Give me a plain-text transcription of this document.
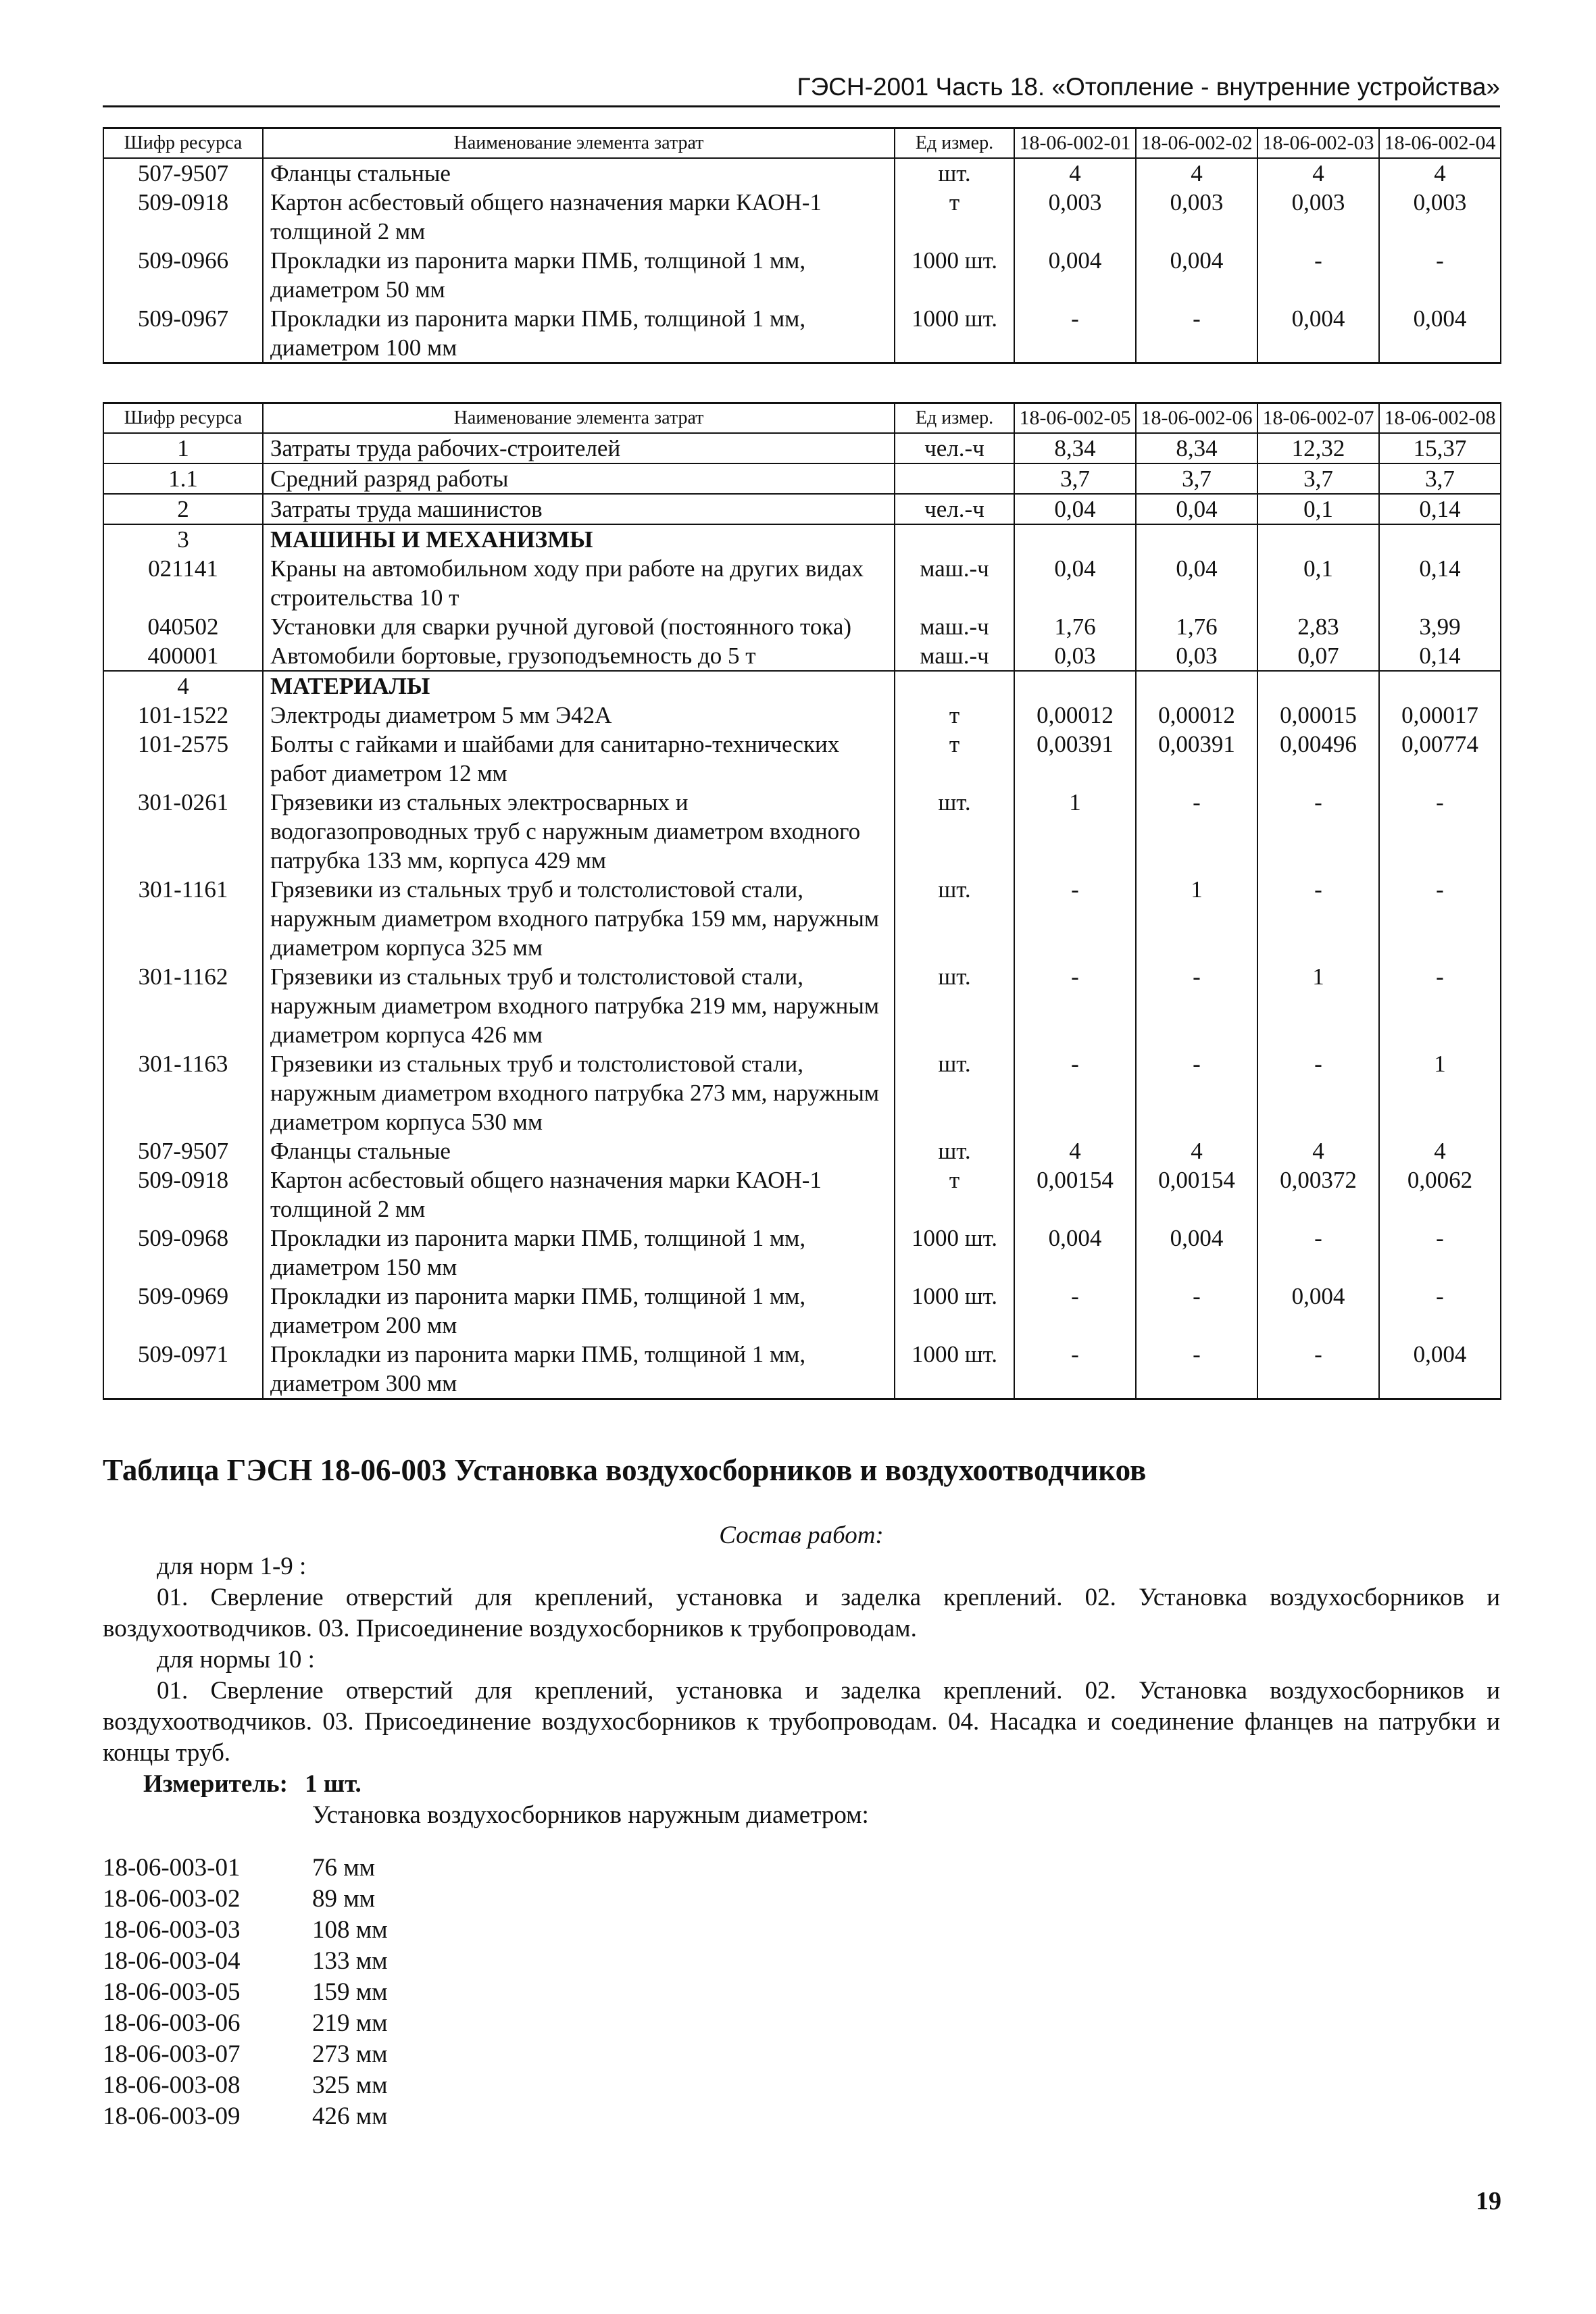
ГЭСН-2001 Часть 18. «Отопление - внутренние устройства»
Шифр ресурса	Наименование элемента затрат	Ед измер.	18-06-002-01	18-06-002-02	18-06-002-03	18-06-002-04
507-9507	Фланцы стальные	шт.	4	4	4	4
509-0918	Картон асбестовый общего назначения марки КАОН-1 толщиной 2 мм	т	0,003	0,003	0,003	0,003
509-0966	Прокладки из паронита марки ПМБ, толщиной 1 мм, диаметром 50 мм	1000 шт.	0,004	0,004	-	-
509-0967	Прокладки из паронита марки ПМБ, толщиной 1 мм, диаметром 100 мм	1000 шт.	-	-	0,004	0,004
Шифр ресурса	Наименование элемента затрат	Ед измер.	18-06-002-05	18-06-002-06	18-06-002-07	18-06-002-08
1	Затраты труда рабочих-строителей	чел.-ч	8,34	8,34	12,32	15,37
1.1	Средний разряд работы		3,7	3,7	3,7	3,7
2	Затраты труда машинистов	чел.-ч	0,04	0,04	0,1	0,14
3	МАШИНЫ И МЕХАНИЗМЫ					
021141	Краны на автомобильном ходу при работе на других видах строительства 10 т	маш.-ч	0,04	0,04	0,1	0,14
040502	Установки для сварки ручной дуговой (постоянного тока)	маш.-ч	1,76	1,76	2,83	3,99
400001	Автомобили бортовые, грузоподъемность до 5 т	маш.-ч	0,03	0,03	0,07	0,14
4	МАТЕРИАЛЫ					
101-1522	Электроды диаметром 5 мм Э42А	т	0,00012	0,00012	0,00015	0,00017
101-2575	Болты с гайками и шайбами для санитарно-технических работ диаметром 12 мм	т	0,00391	0,00391	0,00496	0,00774
301-0261	Грязевики из стальных электросварных и водогазопроводных труб с наружным диаметром входного патрубка 133 мм, корпуса 429 мм	шт.	1	-	-	-
301-1161	Грязевики из стальных труб и толстолистовой стали, наружным диаметром входного патрубка 159 мм, наружным диаметром корпуса 325 мм	шт.	-	1	-	-
301-1162	Грязевики из стальных труб и толстолистовой стали, наружным диаметром входного патрубка 219 мм, наружным диаметром корпуса 426 мм	шт.	-	-	1	-
301-1163	Грязевики из стальных труб и толстолистовой стали, наружным диаметром входного патрубка 273 мм, наружным диаметром корпуса 530 мм	шт.	-	-	-	1
507-9507	Фланцы стальные	шт.	4	4	4	4
509-0918	Картон асбестовый общего назначения марки КАОН-1 толщиной 2 мм	т	0,00154	0,00154	0,00372	0,0062
509-0968	Прокладки из паронита марки ПМБ, толщиной 1 мм, диаметром 150 мм	1000 шт.	0,004	0,004	-	-
509-0969	Прокладки из паронита марки ПМБ, толщиной 1 мм, диаметром 200 мм	1000 шт.	-	-	0,004	-
509-0971	Прокладки из паронита марки ПМБ, толщиной 1 мм, диаметром 300 мм	1000 шт.	-	-	-	0,004
Таблица ГЭСН 18-06-003 Установка воздухосборников и воздухоотводчиков
Состав работ:
для норм 1-9 :
01. Сверление отверстий для креплений, установка и заделка креплений. 02. Установка воздухосборников и воздухоотводчиков. 03. Присоединение воздухосборников к трубопроводам.
для нормы 10 :
01. Сверление отверстий для креплений, установка и заделка креплений. 02. Установка воздухосборников и воздухоотводчиков. 03. Присоединение воздухосборников к трубопроводам. 04. Насадка и соединение фланцев на патрубки и концы труб.
Измеритель: 1 шт.
Установка воздухосборников наружным диаметром:
18-06-003-01	76 мм
18-06-003-02	89 мм
18-06-003-03	108 мм
18-06-003-04	133 мм
18-06-003-05	159 мм
18-06-003-06	219 мм
18-06-003-07	273 мм
18-06-003-08	325 мм
18-06-003-09	426 мм
19
